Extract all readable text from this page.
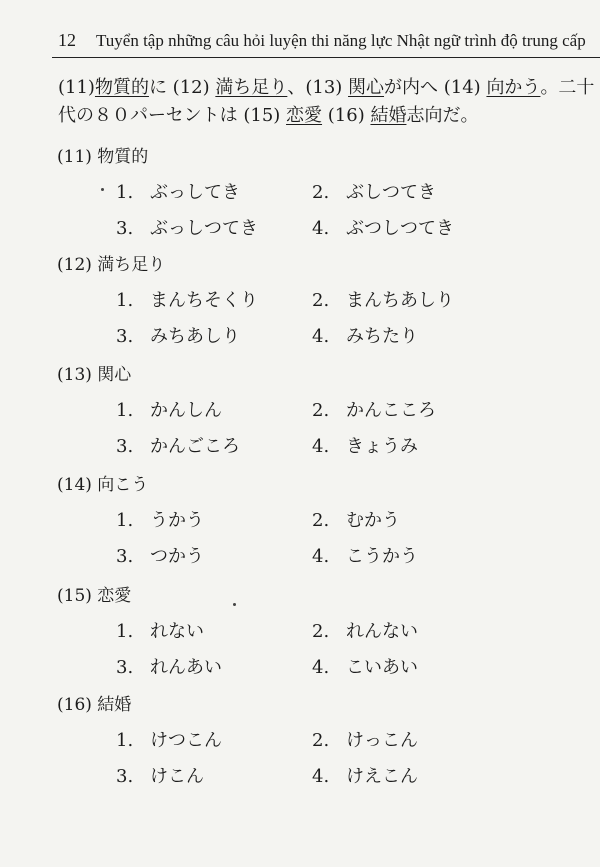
12 Tuyển tập những câu hỏi luyện thi năng lực Nhật ngữ trình độ trung cấp
(11)物質的に (12) 満ち足り、(13) 関心が内へ (14) 向かう。二十
代の８０パーセントは (15) 恋愛 (16) 結婚志向だ。
(11) 物質的
1. ぶっしてき	2. ぶしつてき
3. ぶっしつてき	4. ぶつしつてき
(12) 満ち足り
1. まんちそくり	2. まんちあしり
3. みちあしり	4. みちたり
(13) 関心
1. かんしん	2. かんこころ
3. かんごころ	4. きょうみ
(14) 向こう
1. うかう	2. むかう
3. つかう	4. こうかう
(15) 恋愛
1. れない	2. れんない
3. れんあい	4. こいあい
(16) 結婚
1. けつこん	2. けっこん
3. けこん	4. けえこん
